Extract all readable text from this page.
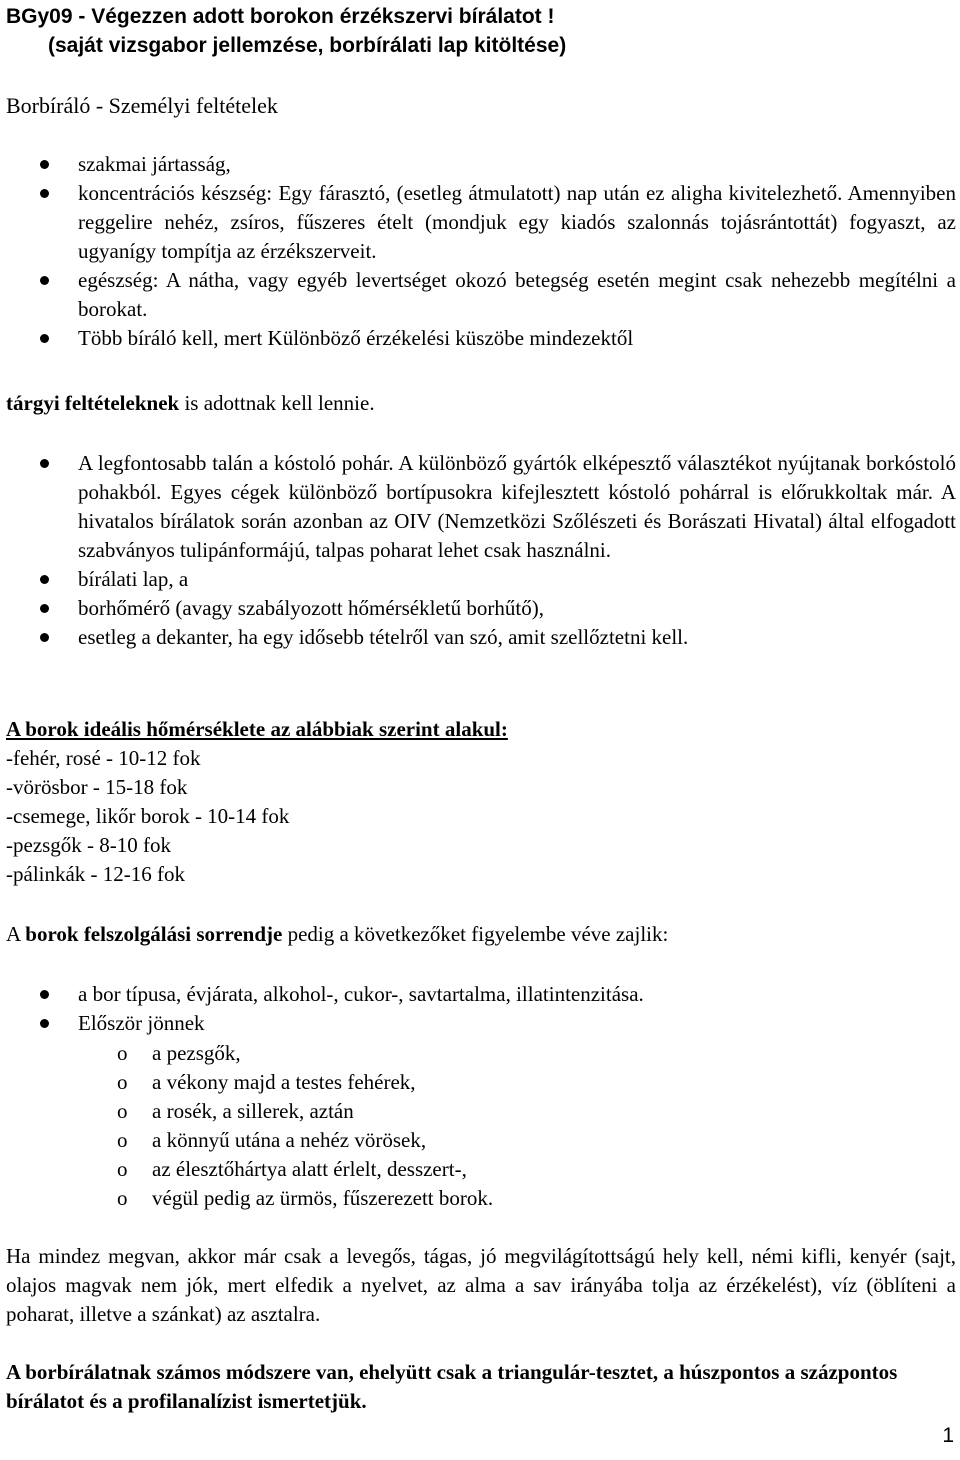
BGy09 - Végezzen adott borokon érzékszervi bírálatot !
(saját vizsgabor jellemzése, borbírálati lap kitöltése)
Borbíráló - Személyi feltételek
szakmai jártasság,
koncentrációs készség: Egy fárasztó, (esetleg átmulatott) nap után ez aligha kivitelezhető. Amennyiben reggelire nehéz, zsíros, fűszeres ételt (mondjuk egy kiadós szalonnás tojásrántottát) fogyaszt, az ugyanígy tompítja az érzékszerveit.
egészség: A nátha, vagy egyéb levertséget okozó betegség esetén megint csak nehezebb megítélni a borokat.
Több bíráló kell, mert Különböző érzékelési küszöbe mindezektől
tárgyi feltételeknek is adottnak kell lennie.
A legfontosabb talán a kóstoló pohár. A különböző gyártók elképesztő választékot nyújtanak borkóstoló pohakból. Egyes cégek különböző bortípusokra kifejlesztett kóstoló pohárral is előrukkoltak már. A hivatalos bírálatok során azonban az OIV (Nemzetközi Szőlészeti és Borászati Hivatal) által elfogadott szabványos tulipánformájú, talpas poharat lehet csak használni.
bírálati lap, a
borhőmérő (avagy szabályozott hőmérsékletű borhűtő),
esetleg a dekanter, ha egy idősebb tételről van szó, amit szellőztetni kell.
A borok ideális hőmérséklete az alábbiak szerint alakul:
-fehér, rosé - 10-12 fok
-vörösbor - 15-18 fok
-csemege, likőr borok - 10-14 fok
-pezsgők - 8-10 fok
-pálinkák - 12-16 fok
A borok felszolgálási sorrendje pedig a következőket figyelembe véve zajlik:
a bor típusa, évjárata, alkohol-, cukor-, savtartalma, illatintenzitása.
Először jönnek
o a pezsgők,
o a vékony majd a testes fehérek,
o a rosék, a sillerek, aztán
o a könnyű utána a nehéz vörösek,
o az élesztőhártya alatt érlelt, desszert-,
o végül pedig az ürmös, fűszerezett borok.
Ha mindez megvan, akkor már csak a levegős, tágas, jó megvilágítottságú hely kell, némi kifli, kenyér (sajt, olajos magvak nem jók, mert elfedik a nyelvet, az alma a sav irányába tolja az érzékelést), víz (öblíteni a poharat, illetve a szánkat) az asztalra.
A borbírálatnak számos módszere van, ehelyütt csak a triangulár-tesztet, a húszpontos a százpontos bírálatot és a profilanalízist ismertetjük.
1
